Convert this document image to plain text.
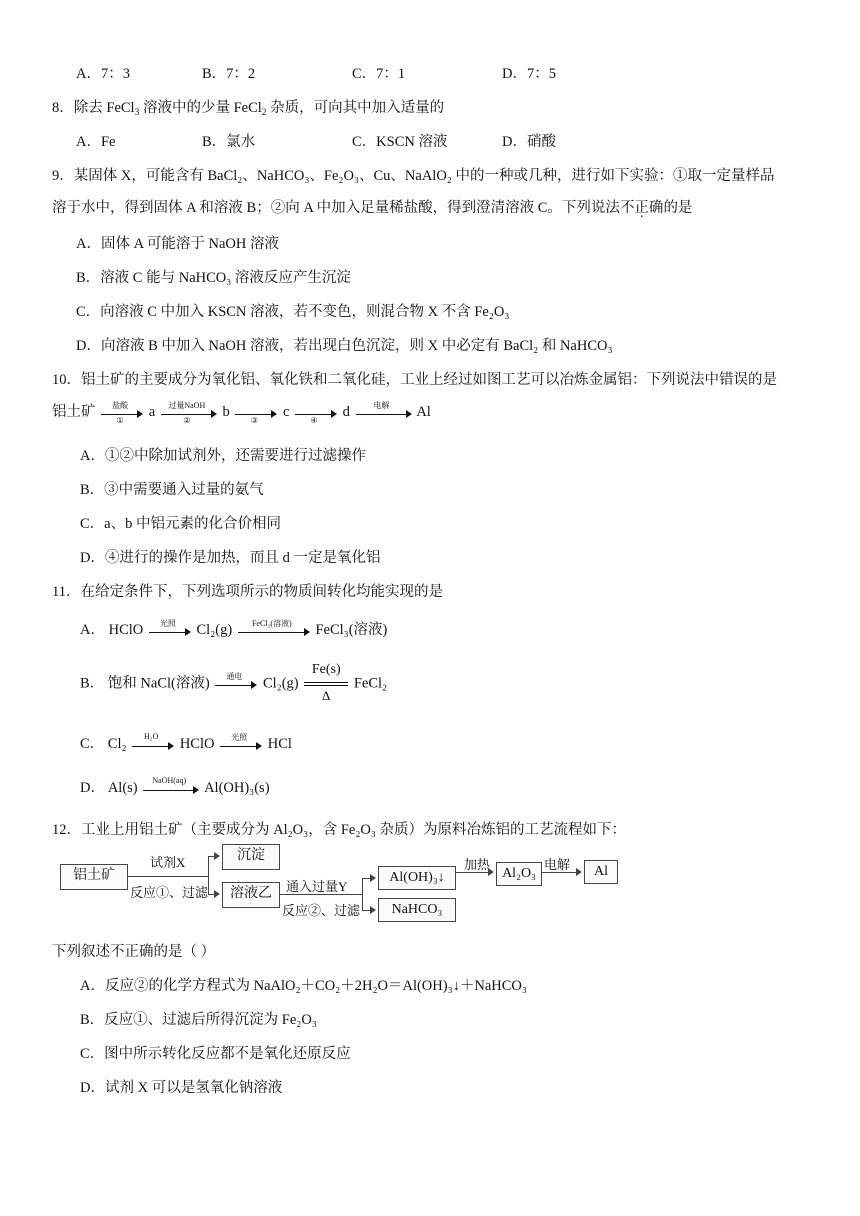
A．7：3	B．7：2	C．7：1	D．7：5
8．除去 FeCl$_3$ 溶液中的少量 FeCl$_2$ 杂质，可向其中加入适量的
A．Fe	B．氯水	C．KSCN 溶液	D．硝酸
9．某固体 X，可能含有 BaCl₂、NaHCO₃、Fe₂O₃、Cu、NaAlO₂ 中的一种或几种，进行如下实验：①取一定量样品
溶于水中，得到固体 A 和溶液 B；②向 A 中加入足量稀盐酸，得到澄清溶液 C。下列说法不正确的是
A．固体 A 可能溶于 NaOH 溶液
B．溶液 C 能与 NaHCO₃ 溶液反应产生沉淀
C．向溶液 C 中加入 KSCN 溶液，若不变色，则混合物 X 不含 Fe₂O₃
D．向溶液 B 中加入 NaOH 溶液，若出现白色沉淀，则 X 中必定有 BaCl₂ 和 NaHCO₃
10．铝土矿的主要成分为氧化铝、氧化铁和二氧化硅，工业上经过如图工艺可以冶炼金属铝：下列说法中错误的是
铝土矿	盐酸
①
a	过量NaOH
②
b
③
c
④
d	电解	Al
A．①②中除加试剂外，还需要进行过滤操作
B．③中需要通入过量的氨气
C．a、b 中铝元素的化合价相同
D．④进行的操作是加热，而且 d 一定是氧化铝
11．在给定条件下，下列选项所示的物质间转化均能实现的是
A． HClO	光照	Cl₂(g)	FeCl₂(溶液)	FeCl₃(溶液)
B． 饱和 NaCl(溶液)	通电	$Cl_2(g) \frac{Fe(s)}{\Delta}$ FeCl₂
C． Cl₂	H₂O	HClO	光照	HCl
D． Al(s)	NaOH(aq)	Al(OH)₃(s)
12．工业上用铝土矿（主要成分为 Al₂O₃，含 Fe₂O₃ 杂质）为原料冶炼铝的工艺流程如下：
铝土矿
试剂X
反应①、过滤
沉淀
溶液乙	通入过量Y
反应②、过滤
Al(OH)₃↓
NaHCO₃
加热
Al₂O₃
电解	Al
下列叙述不正确的是（ ）
A．反应②的化学方程式为 NaAlO₂＋CO₂＋2H₂O＝Al(OH)₃↓＋NaHCO₃
B．反应①、过滤后所得沉淀为 Fe₂O₃
C．图中所示转化反应都不是氧化还原反应
D．试剂 X 可以是氢氧化钠溶液
